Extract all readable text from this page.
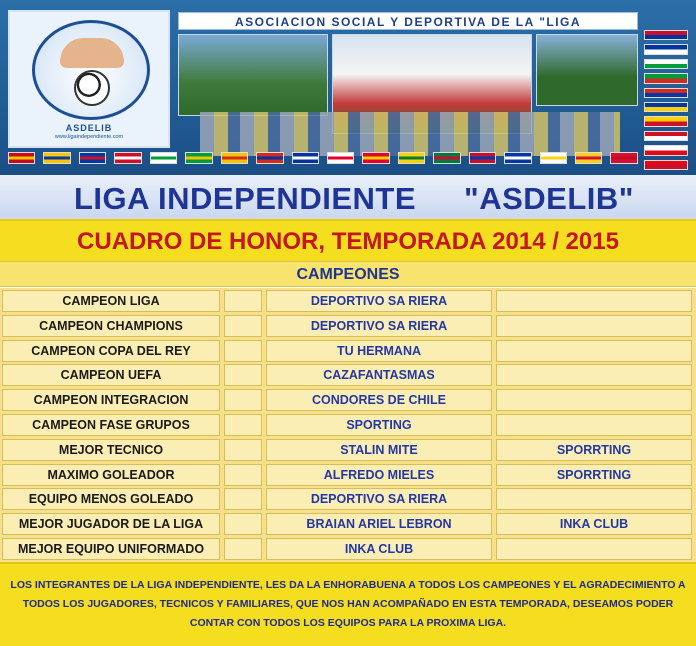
ASDELIB
www.ligaindependiente.com
ASOCIACION SOCIAL Y DEPORTIVA DE LA "LIGA
LIGA INDEPENDIENTE "ASDELIB"
CUADRO DE HONOR, TEMPORADA 2014 / 2015
CAMPEONES
CAMPEON LIGA	DEPORTIVO SA RIERA
CAMPEON CHAMPIONS	DEPORTIVO SA RIERA
CAMPEON COPA DEL REY	TU HERMANA
CAMPEON UEFA	CAZAFANTASMAS
CAMPEON INTEGRACION	CONDORES DE CHILE
CAMPEON FASE GRUPOS	SPORTING
MEJOR TECNICO	STALIN MITE	SPORRTING
MAXIMO GOLEADOR	ALFREDO MIELES	SPORRTING
EQUIPO MENOS GOLEADO	DEPORTIVO SA RIERA
MEJOR JUGADOR DE LA LIGA	BRAIAN ARIEL LEBRON	INKA CLUB
MEJOR EQUIPO UNIFORMADO	INKA CLUB
LOS INTEGRANTES DE LA LIGA INDEPENDIENTE, LES DA LA ENHORABUENA A TODOS LOS CAMPEONES Y EL AGRADECIMIENTO A TODOS LOS JUGADORES, TECNICOS Y FAMILIARES, QUE NOS HAN ACOMPAÑADO EN ESTA TEMPORADA, DESEAMOS PODER CONTAR CON TODOS LOS EQUIPOS PARA LA PROXIMA LIGA.
